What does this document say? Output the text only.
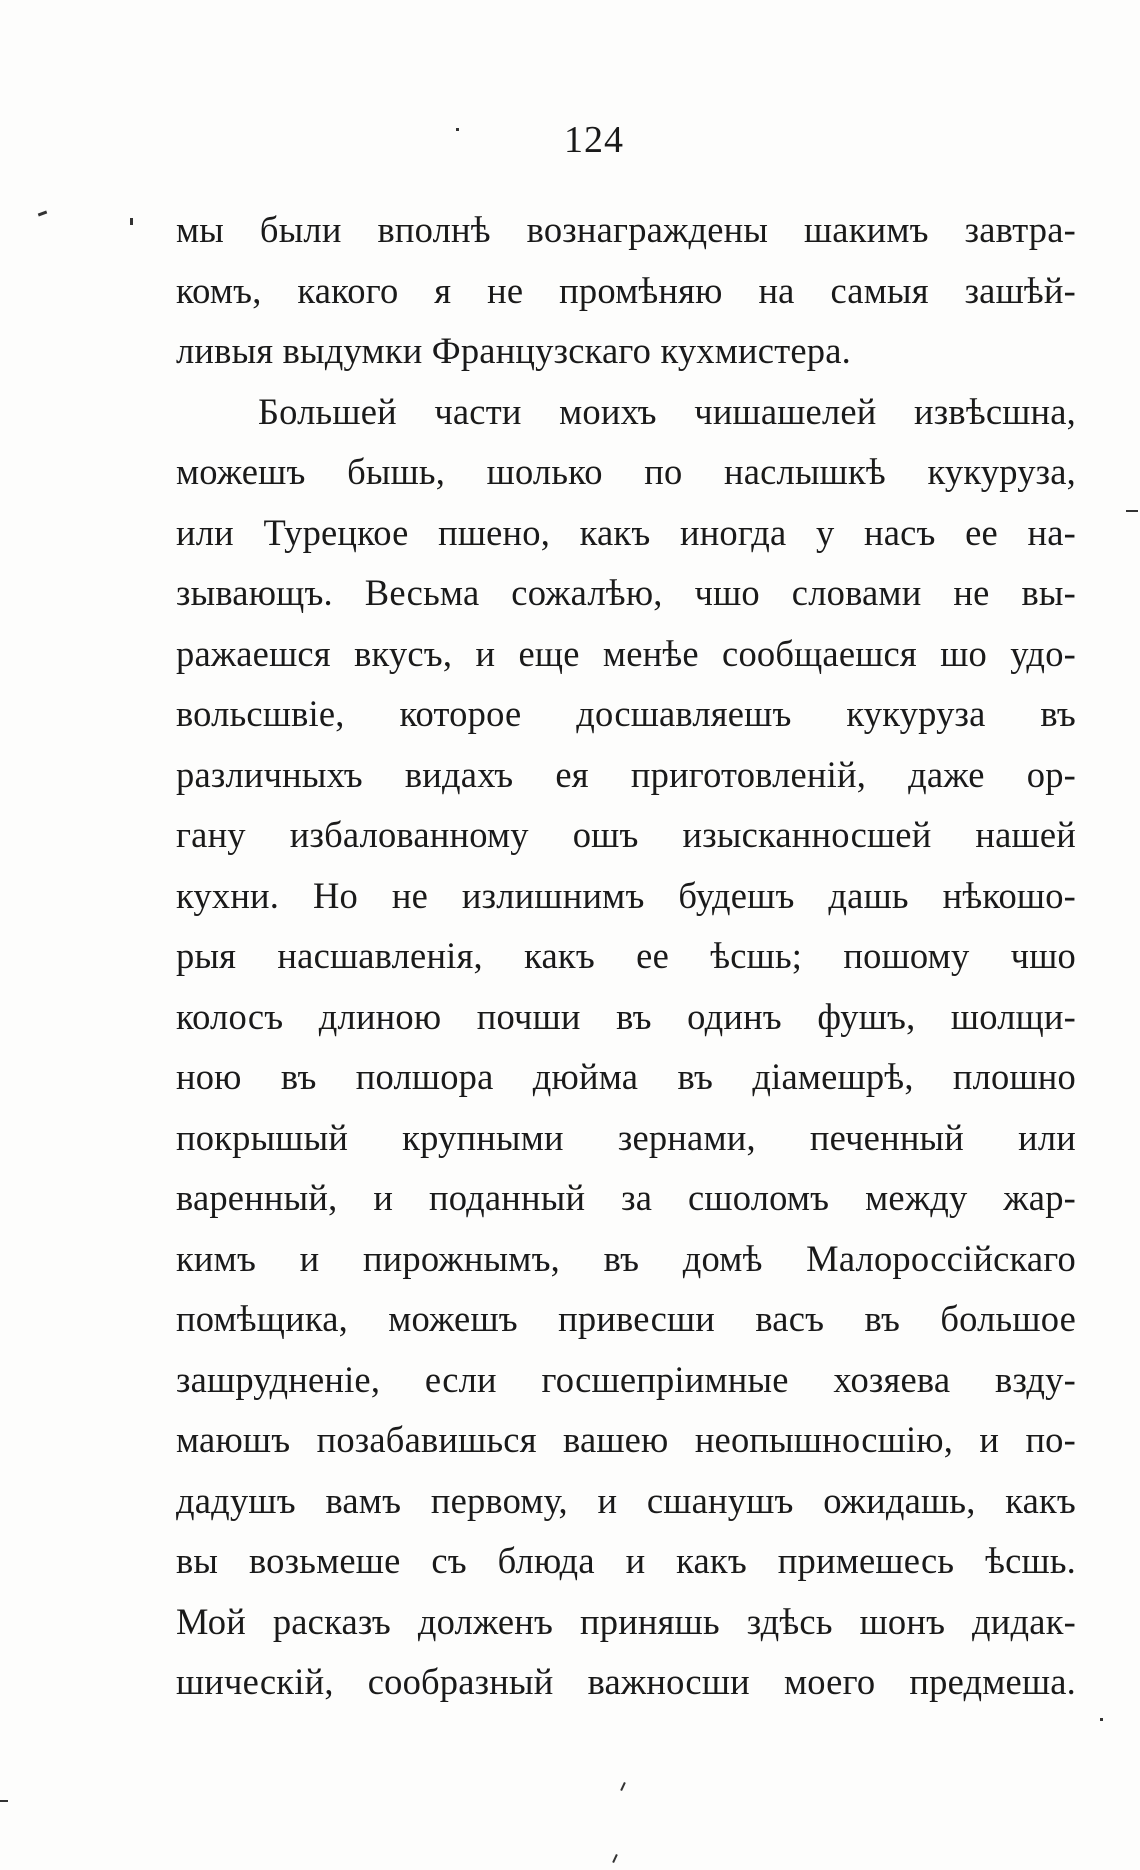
124
мы были вполнѣ вознаграждены шакимъ завтра-
комъ, какого я не промѣняю на самыя зашѣй-
ливыя выдумки Французскаго кухмистера.
Большей части моихъ чишашелей извѣсшна,
можешъ бышь, шолько по наслышкѣ кукуруза,
или Турецкое пшено, какъ иногда у насъ ее на-
зывающъ. Весьма сожалѣю, чшо словами не вы-
ражаешся вкусъ, и еще менѣе сообщаешся шо удо-
вольсшвіе, которое досшавляешъ кукуруза въ
различныхъ видахъ ея приготовленій, даже ор-
гану избалованному ошъ изысканносшей нашей
кухни. Но не излишнимъ будешъ дашь нѣкошо-
рыя насшавленія, какъ ее ѣсшь; пошому чшо
колосъ длиною почши въ одинъ фушъ, шолщи-
ною въ полшора дюйма въ діамешрѣ, плошно
покрышый крупными зернами, печенный или
варенный, и поданный за сшоломъ между жар-
кимъ и пирожнымъ, въ домѣ Малороссійскаго
помѣщика, можешъ привесши васъ въ большое
зашрудненіе, если госшепріимные хозяева взду-
маюшъ позабавишься вашею неопышносшію, и по-
дадушъ вамъ первому, и сшанушъ ожидашь, какъ
вы возьмеше съ блюда и какъ примешесь ѣсшь.
Мой расказъ долженъ приняшь здѣсь шонъ дидак-
шическій, сообразный важносши моего предмеша.
